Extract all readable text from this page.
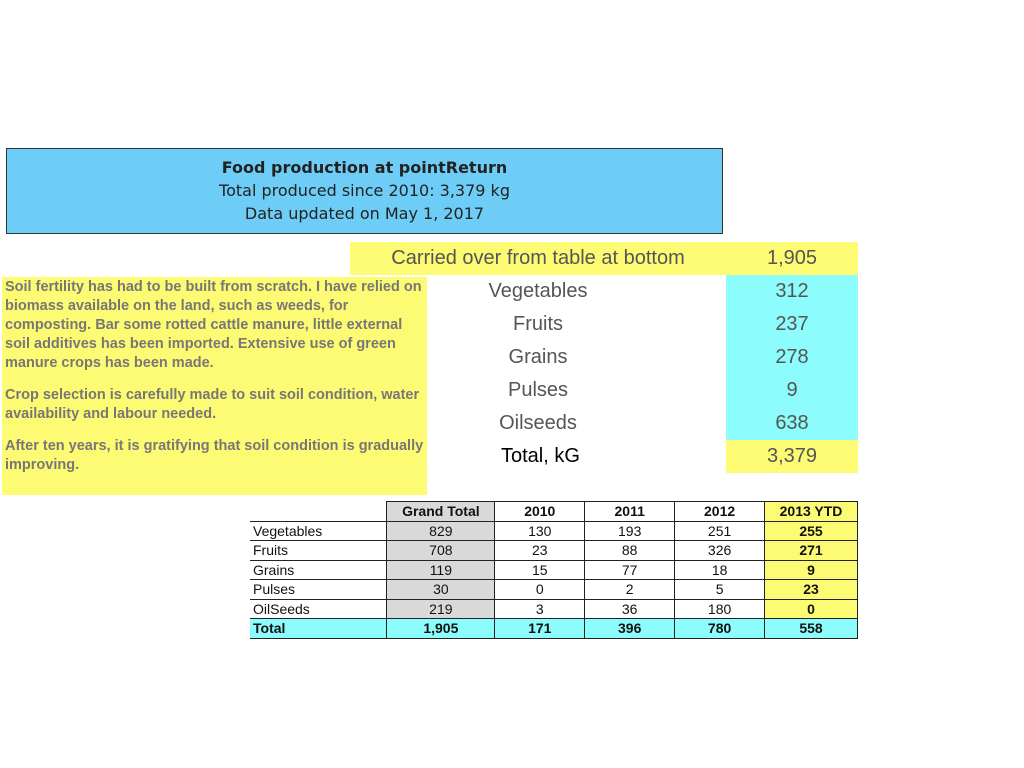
Food production at pointReturn
Total produced since 2010: 3,379 kg
Data updated on May 1, 2017
Carried over from table at bottom	1,905
Vegetables	312
Fruits	237
Grains	278
Pulses	9
Oilseeds	638
Total, kG	3,379

Soil fertility has had to be built from scratch. I have relied on biomass available on the land, such as weeds, for composting. Bar some rotted cattle manure, little external soil additives has been imported. Extensive use of green manure crops has been made.

Crop selection is carefully made to suit soil condition, water availability and labour needed.

After ten years, it is gratifying that soil condition is gradually improving.

	Grand Total	2010	2011	2012	2013 YTD
Vegetables	829	130	193	251	255
Fruits	708	23	88	326	271
Grains	119	15	77	18	9
Pulses	30	0	2	5	23
OilSeeds	219	3	36	180	0
Total	1,905	171	396	780	558
